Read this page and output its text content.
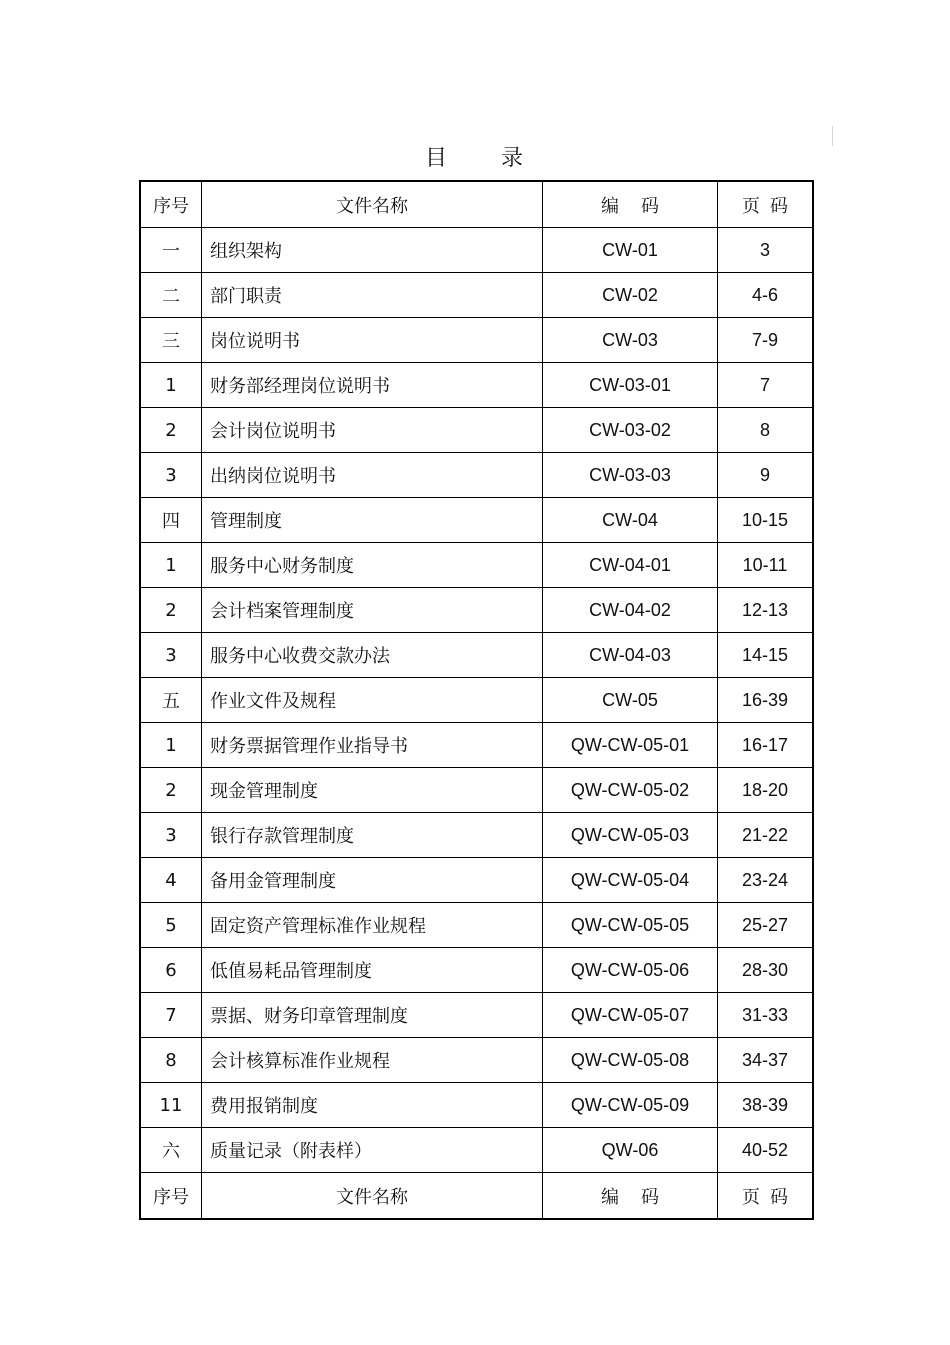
目 录
序号	文件名称	编 码	页 码
一	组织架构	CW-01	3
二	部门职责	CW-02	4-6
三	岗位说明书	CW-03	7-9
1	财务部经理岗位说明书	CW-03-01	7
2	会计岗位说明书	CW-03-02	8
3	出纳岗位说明书	CW-03-03	9
四	管理制度	CW-04	10-15
1	服务中心财务制度	CW-04-01	10-11
2	会计档案管理制度	CW-04-02	12-13
3	服务中心收费交款办法	CW-04-03	14-15
五	作业文件及规程	CW-05	16-39
1	财务票据管理作业指导书	QW-CW-05-01	16-17
2	现金管理制度	QW-CW-05-02	18-20
3	银行存款管理制度	QW-CW-05-03	21-22
4	备用金管理制度	QW-CW-05-04	23-24
5	固定资产管理标准作业规程	QW-CW-05-05	25-27
6	低值易耗品管理制度	QW-CW-05-06	28-30
7	票据、财务印章管理制度	QW-CW-05-07	31-33
8	会计核算标准作业规程	QW-CW-05-08	34-37
11	费用报销制度	QW-CW-05-09	38-39
六	质量记录（附表样）	QW-06	40-52
序号	文件名称	编 码	页 码
